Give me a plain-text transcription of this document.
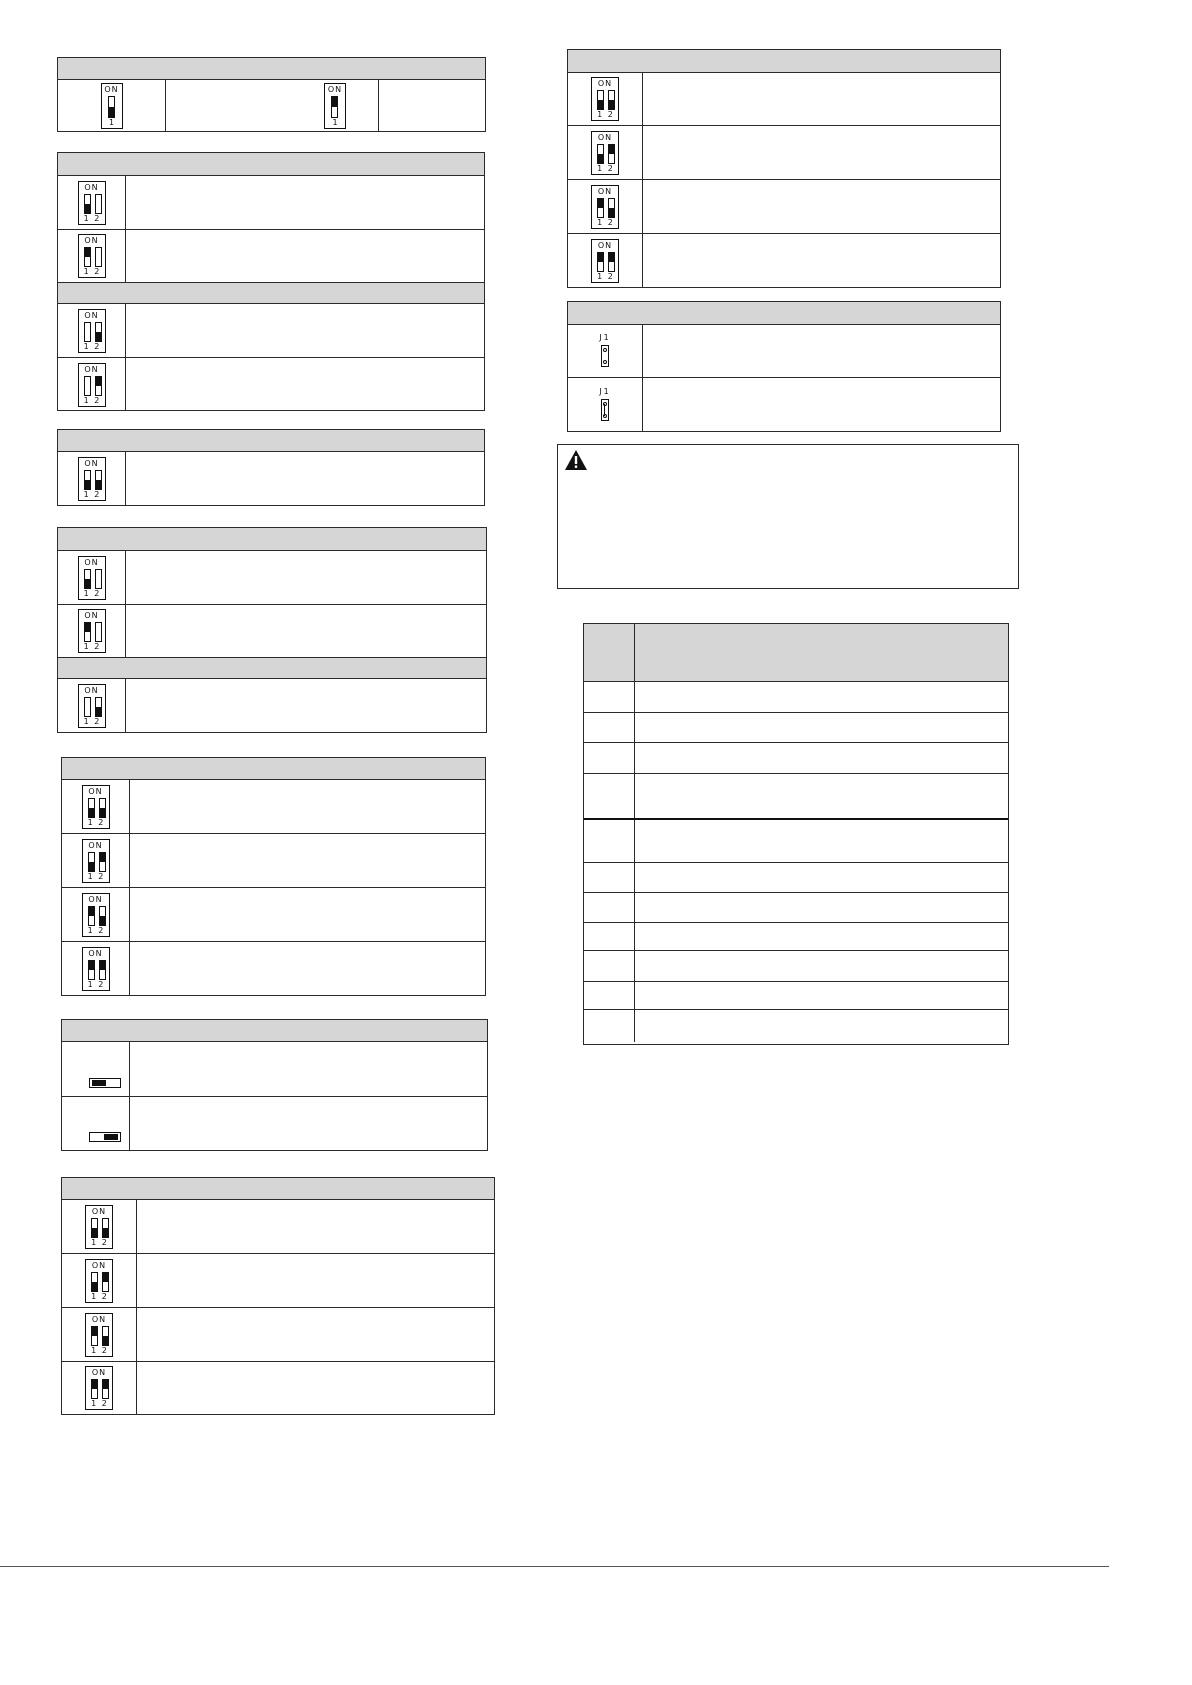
ON
1
ON
1
ON
1 2
ON
1 2
ON
1 2
ON
1 2
ON
1 2
ON
1 2
ON
1 2
ON
1 2
ON
1 2
ON
1 2
ON
1 2
ON
1 2
ON
1 2
ON
1 2
ON
1 2
ON
1 2
ON
1 2
ON
1 2
ON
1 2
ON
1 2
J1
J1
